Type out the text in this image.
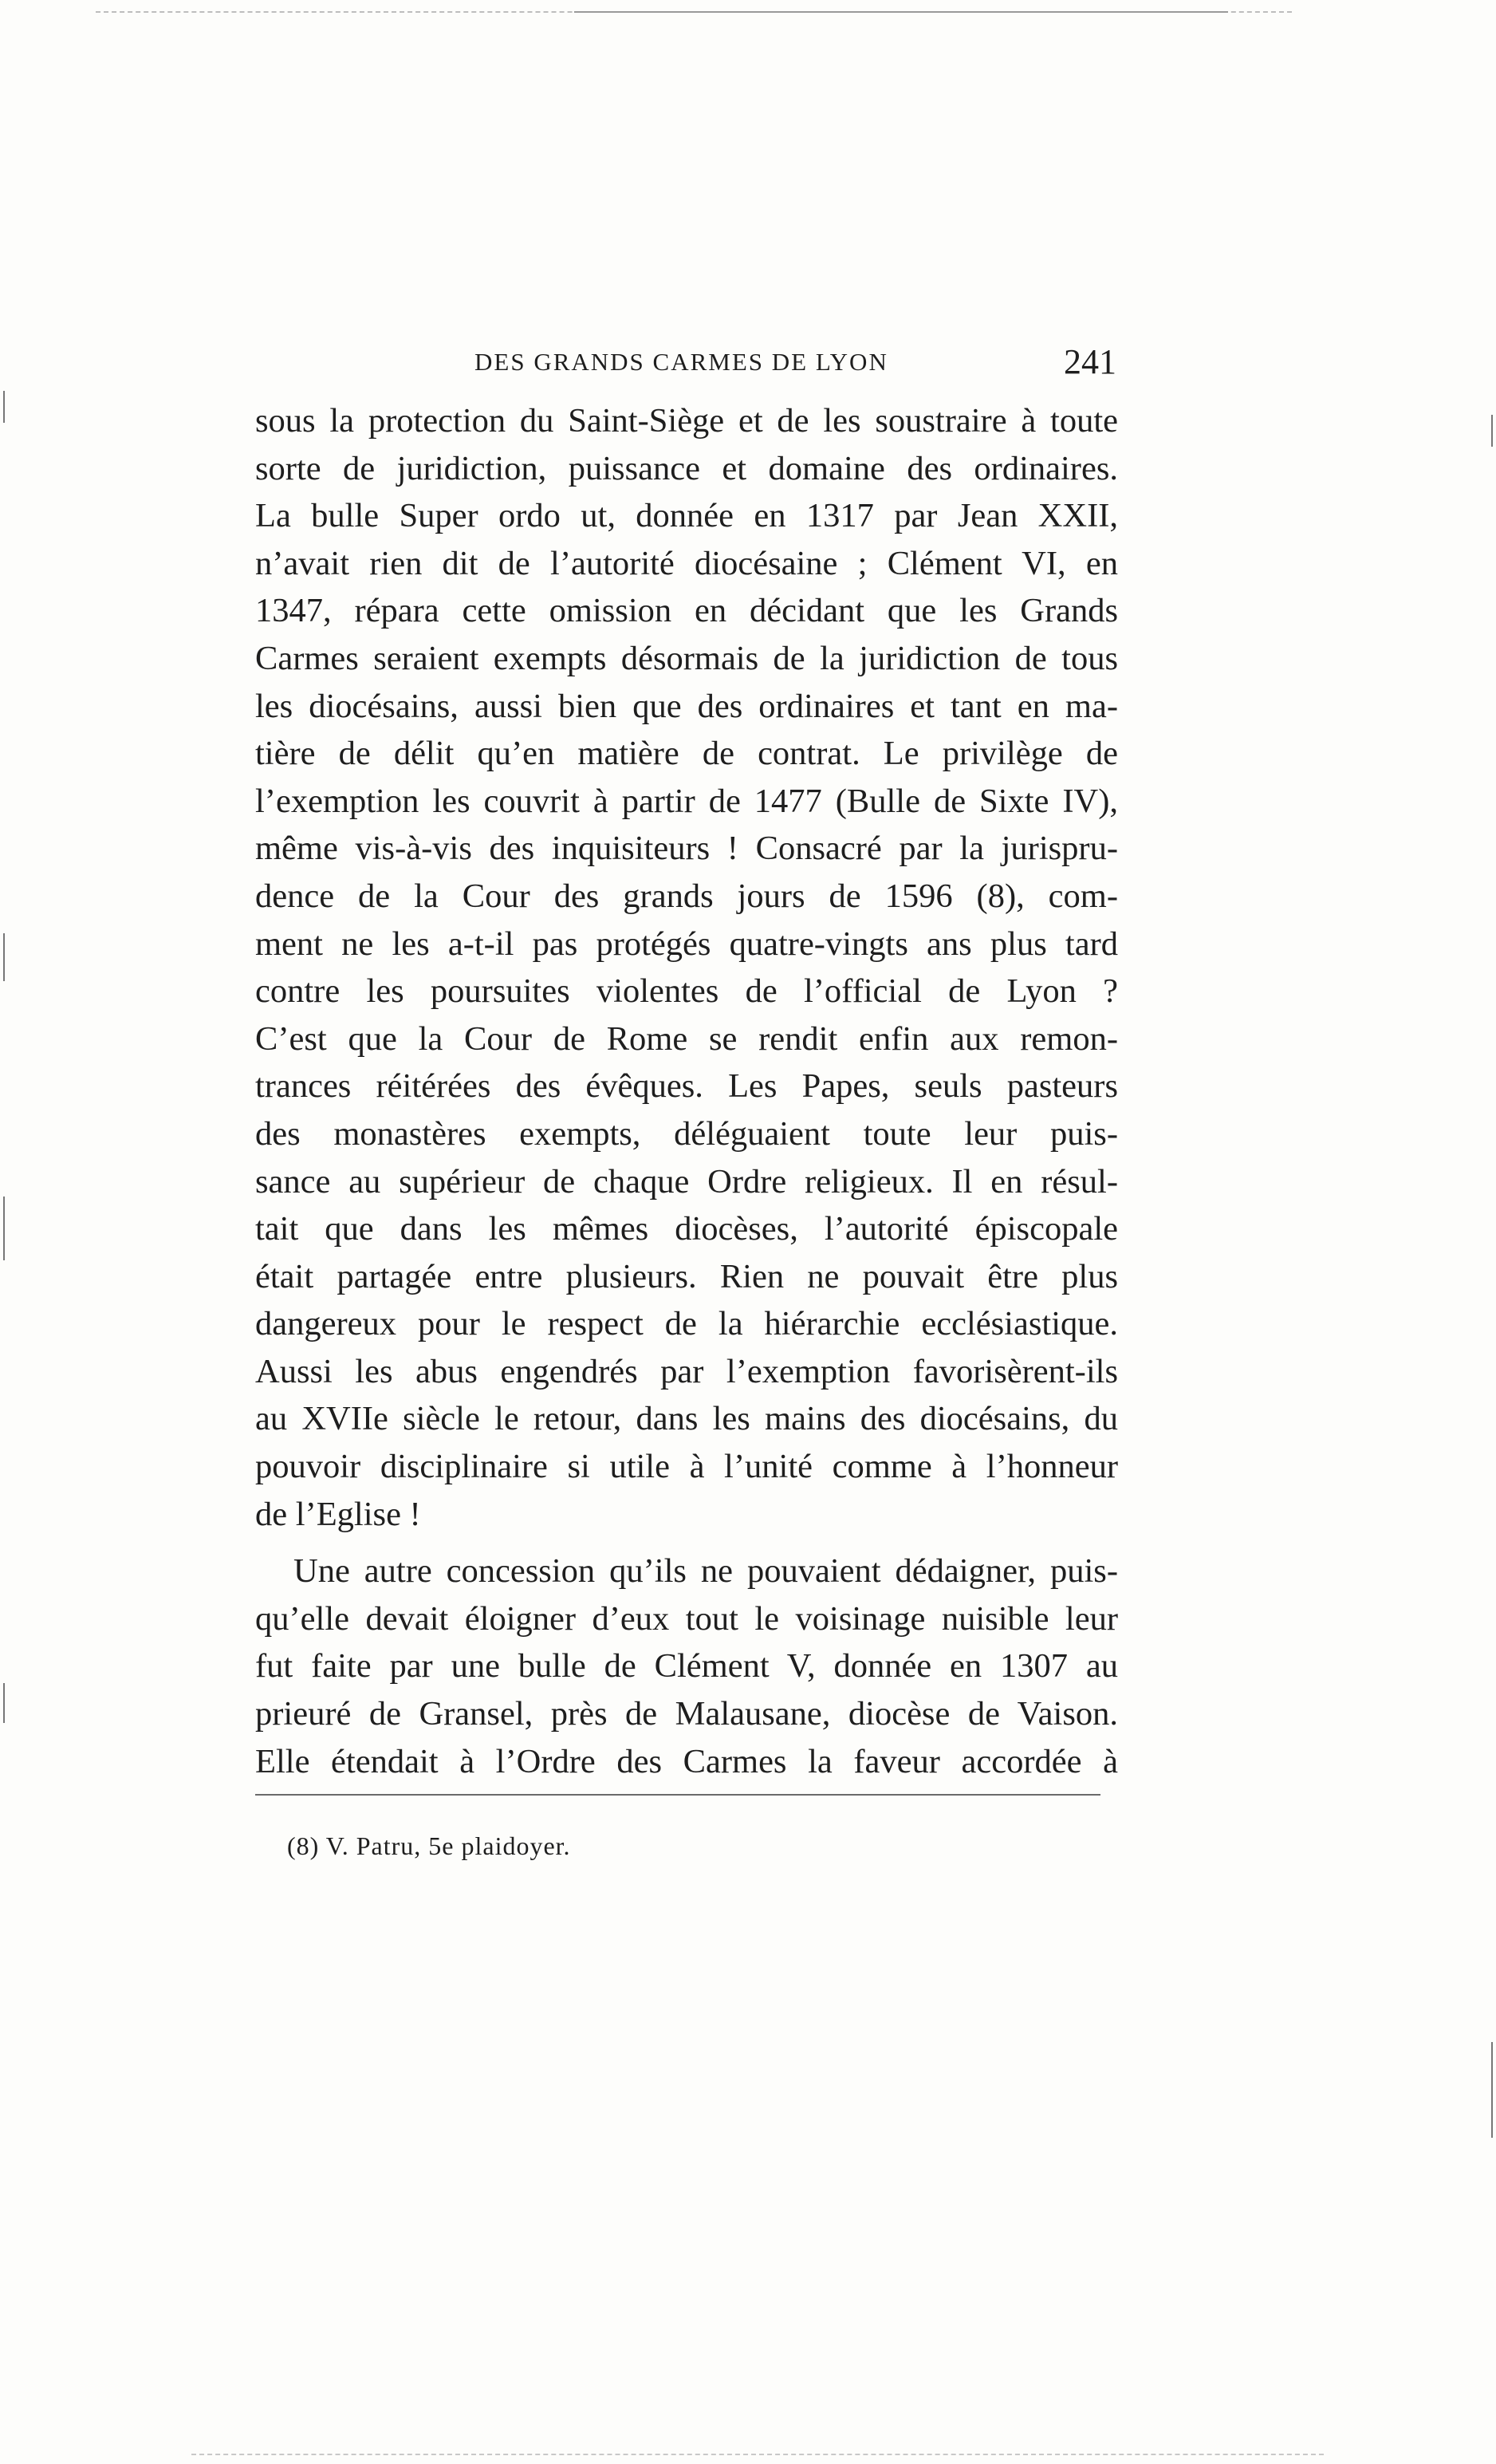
DES GRANDS CARMES DE LYON	241
sous la protection du Saint-Siège et de les soustraire à toute
sorte de juridiction, puissance et domaine des ordinaires.
La bulle Super ordo ut, donnée en 1317 par Jean XXII,
n’avait rien dit de l’autorité diocésaine ; Clément VI, en
1347, répara cette omission en décidant que les Grands
Carmes seraient exempts désormais de la juridiction de tous
les diocésains, aussi bien que des ordinaires et tant en ma-
tière de délit qu’en matière de contrat. Le privilège de
l’exemption les couvrit à partir de 1477 (Bulle de Sixte IV),
même vis-à-vis des inquisiteurs ! Consacré par la jurispru-
dence de la Cour des grands jours de 1596 (8), com-
ment ne les a-t-il pas protégés quatre-vingts ans plus tard
contre les poursuites violentes de l’official de Lyon ?
C’est que la Cour de Rome se rendit enfin aux remon-
trances réitérées des évêques. Les Papes, seuls pasteurs
des monastères exempts, déléguaient toute leur puis-
sance au supérieur de chaque Ordre religieux. Il en résul-
tait que dans les mêmes diocèses, l’autorité épiscopale
était partagée entre plusieurs. Rien ne pouvait être plus
dangereux pour le respect de la hiérarchie ecclésiastique.
Aussi les abus engendrés par l’exemption favorisèrent-ils
au XVIIe siècle le retour, dans les mains des diocésains, du
pouvoir disciplinaire si utile à l’unité comme à l’honneur
de l’Eglise !
Une autre concession qu’ils ne pouvaient dédaigner, puis-
qu’elle devait éloigner d’eux tout le voisinage nuisible leur
fut faite par une bulle de Clément V, donnée en 1307 au
prieuré de Gransel, près de Malausane, diocèse de Vaison.
Elle étendait à l’Ordre des Carmes la faveur accordée à
(8) V. Patru, 5e plaidoyer.
